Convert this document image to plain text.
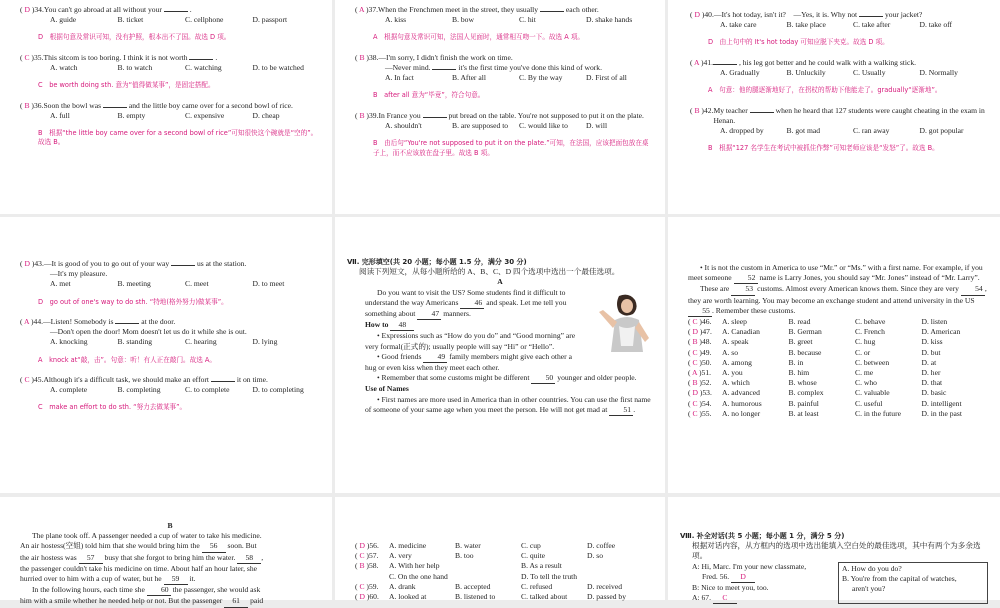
( D ) 34 . You can't go abroad at all without your	.
A. guide	B. ticket	C. cellphone	D. passport
D　根据句意及常识可知，没有护照，根本出不了国。故选 D 项。
( C ) 35 . This sitcom is too boring. I think it is not worth	.
A. watch	B. to watch	C. watching	D. to be watched
C　be worth doing sth. 意为“值得做某事”，是固定搭配。
( B ) 36 . Soon the bowl was	and the little boy came over for a second bowl of rice.
A. full	B. empty	C. expensive	D. cheap
B　根据“the little boy came over for a second bowl of rice”可知很快这个碗就是“空的”。故选 B。
( A ) 37 . When the Frenchmen meet in the street, they usually	each other.
A. kiss	B. bow	C. hit	D. shake hands
A　根据句意及常识可知，法国人见面时，通常相互吻一下。故选 A 项。
( B ) 38 . —I'm sorry, I didn't finish the work on time.
—Never mind.	it's the first time you've done this kind of work.
A. In fact	B. After all	C. By the way	D. First of all
B　after all 意为“毕竟”，符合句意。
( B ) 39 . In France you	put bread on the table. You're not supposed to put it on the plate.
A. shouldn't	B. are supposed to	C. would like to	D. will
B　由后句“You're not supposed to put it on the plate.”可知，在法国，应该把面包放在桌子上，而不应该放在盘子里。故选 B 项。
( D ) 40 . —It's hot today, isn't it?　—Yes, it is. Why not	your jacket?
A. take care	B. take place	C. take after	D. take off
D　由上句中的 It's hot today 可知应脱下夹克。故选 D 项。
( A ) 41 .	, his leg got better and he could walk with a walking stick.
A. Gradually	B. Unluckily	C. Usually	D. Normally
A　句意：他的腿逐渐地好了，在拐杖的帮助下他能走了。gradually“逐渐地”。
( B ) 42 . My teacher	when he heard that 127 students were caught cheating in the exam in Henan.
A. dropped by	B. got mad	C. ran away	D. got popular
B　根据“127 名学生在考试中被抓住作弊”可知老师应该是“发怒”了。故选 B。
( D ) 43 . —It is good of you to go out of your way	us at the station.
—It's my pleasure.
A. met	B. meeting	C. meet	D. to meet
D　go out of one's way to do sth. “特地(格外努力)做某事”。
( A ) 44 . —Listen! Somebody is	at the door.
—Don't open the door! Mom doesn't let us do it while she is out.
A. knocking	B. standing	C. hearing	D. lying
A　knock at“敲，击”。句意：听！有人正在敲门。故选 A。
( C ) 45 . Although it's a difficult task, we should make an effort	it on time.
A. complete	B. completing	C. to complete	D. to completing
C　make an effort to do sth. “努力去做某事”。
Ⅶ. 完形填空(共 20 小题；每小题 1.5 分，满分 30 分)
阅读下列短文，从每小题所给的 A、B、C、D 四个选项中选出一个最佳选项。
A
Do you want to visit the US? Some students find it difficult to understand the way Americans 46 and speak. Let me tell you something about 47 manners.
How to 48
• Expressions such as “How do you do” and “Good morning” are very formal(正式的); usually people will say “Hi” or “Hello”.
• Good friends 49 family members might give each other a hug or even kiss when they meet each other.
• Remember that some customs might be different 50 younger and older people.
Use of Names
• First names are more used in America than in other countries. You can use the first name of someone of your same age when you meet the person. He will not get mad at 51 .
• It is not the custom in America to use “Mr.” or “Ms.” with a first name. For example, if you meet someone 52 name is Larry Jones, you should say “Mr. Jones” instead of “Mr. Larry”.
These are 53 customs. Almost every American knows them. Since they are very 54 , they are worth learning. You may become an exchange student and attend university in the US 55 . Remember these customs.
( C )46.	A. sleep	B. read	C. behave	D. listen
( D )47.	A. Canadian	B. German	C. French	D. American
( B )48.	A. speak	B. greet	C. hug	D. kiss
( C )49.	A. so	B. because	C. or	D. but
( C )50.	A. among	B. in	C. between	D. at
( A )51.	A. you	B. him	C. me	D. her
( B )52.	A. which	B. whose	C. who	D. that
( D )53.	A. advanced	B. complex	C. valuable	D. basic
( C )54.	A. humorous	B. painful	C. useful	D. intelligent
( C )55.	A. no longer	B. at least	C. in the future	D. in the past
B
The plane took off. A passenger needed a cup of water to take his medicine.
An air hostess(空姐) told him that she would bring him the 56 soon. But
the air hostess was 57 busy that she forgot to bring him the water. 58 ,
the passenger couldn't take his medicine on time. About half an hour later, she
hurried over to him with a cup of water, but he 59 it.
In the following hours, each time she 60 the passenger, she would ask
him with a smile whether he needed help or not. But the passenger 61 paid
( D )56.	A. medicine	B. water	C. cup	D. coffee
( C )57.	A. very	B. too	C. quite	D. so
( B )58.	A. With her help	B. As a result
C. On the one hand	D. To tell the truth
( C )59.	A. drank	B. accepted	C. refused	D. received
( D )60.	A. looked at	B. listened to	C. talked about	D. passed by
Ⅷ. 补全对话(共 5 小题；每小题 1 分，满分 5 分)
根据对话内容，从方框内的选项中选出能填入空白处的最佳选项，其中有两个为多余选项。
A: Hi, Marc. I'm your new classmate,
Fred. 56. D
B: Nice to meet you, too.
A: 67. C
A. How do you do?
B. You're from the capital of watches,
aren't you?
